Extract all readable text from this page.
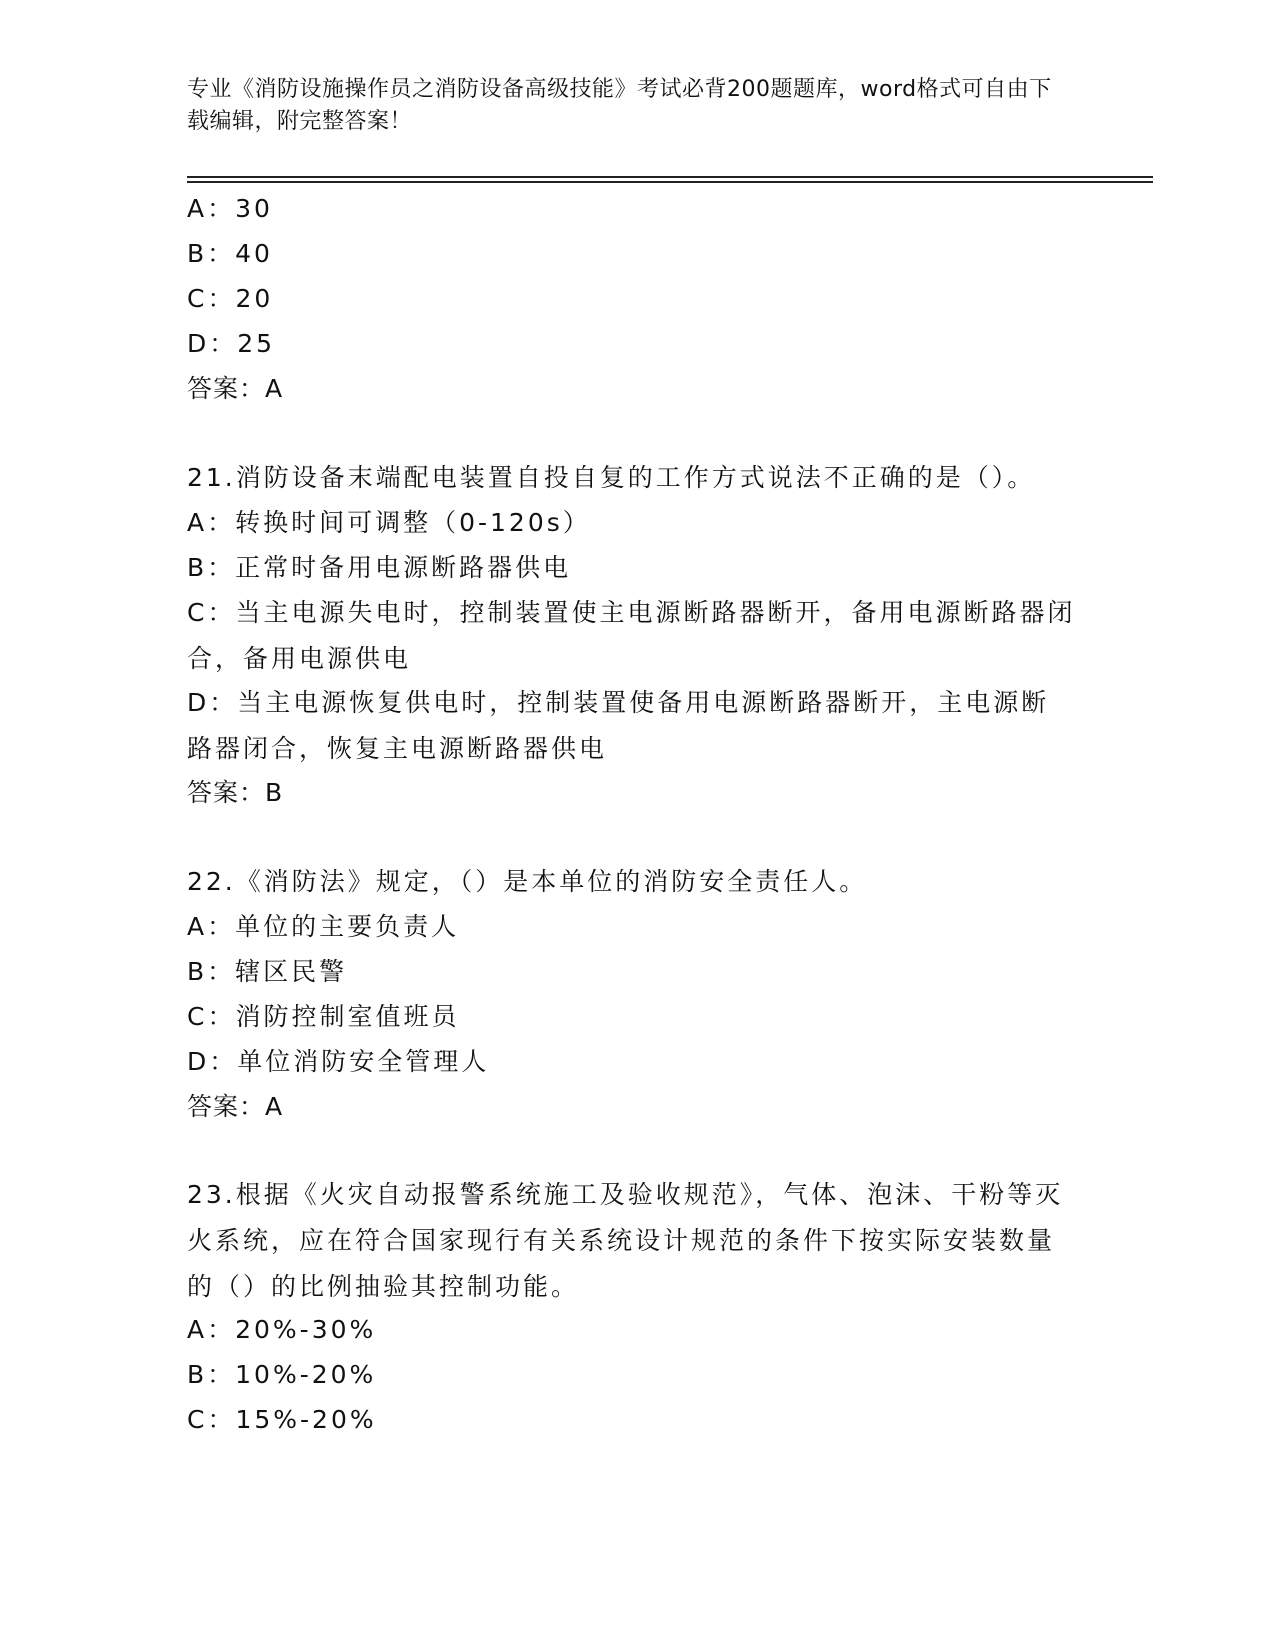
专业《消防设施操作员之消防设备高级技能》考试必背200题题库，word格式可自由下载编辑，附完整答案！
A：30
B：40
C：20
D：25
答案：A
21.消防设备末端配电装置自投自复的工作方式说法不正确的是（）。
A：转换时间可调整（0-120s）
B：正常时备用电源断路器供电
C：当主电源失电时，控制装置使主电源断路器断开，备用电源断路器闭合，备用电源供电
D：当主电源恢复供电时，控制装置使备用电源断路器断开，主电源断路器闭合，恢复主电源断路器供电
答案：B
22.《消防法》规定，（）是本单位的消防安全责任人。
A：单位的主要负责人
B：辖区民警
C：消防控制室值班员
D：单位消防安全管理人
答案：A
23.根据《火灾自动报警系统施工及验收规范》，气体、泡沫、干粉等灭火系统，应在符合国家现行有关系统设计规范的条件下按实际安装数量的（）的比例抽验其控制功能。
A：20%-30%
B：10%-20%
C：15%-20%
